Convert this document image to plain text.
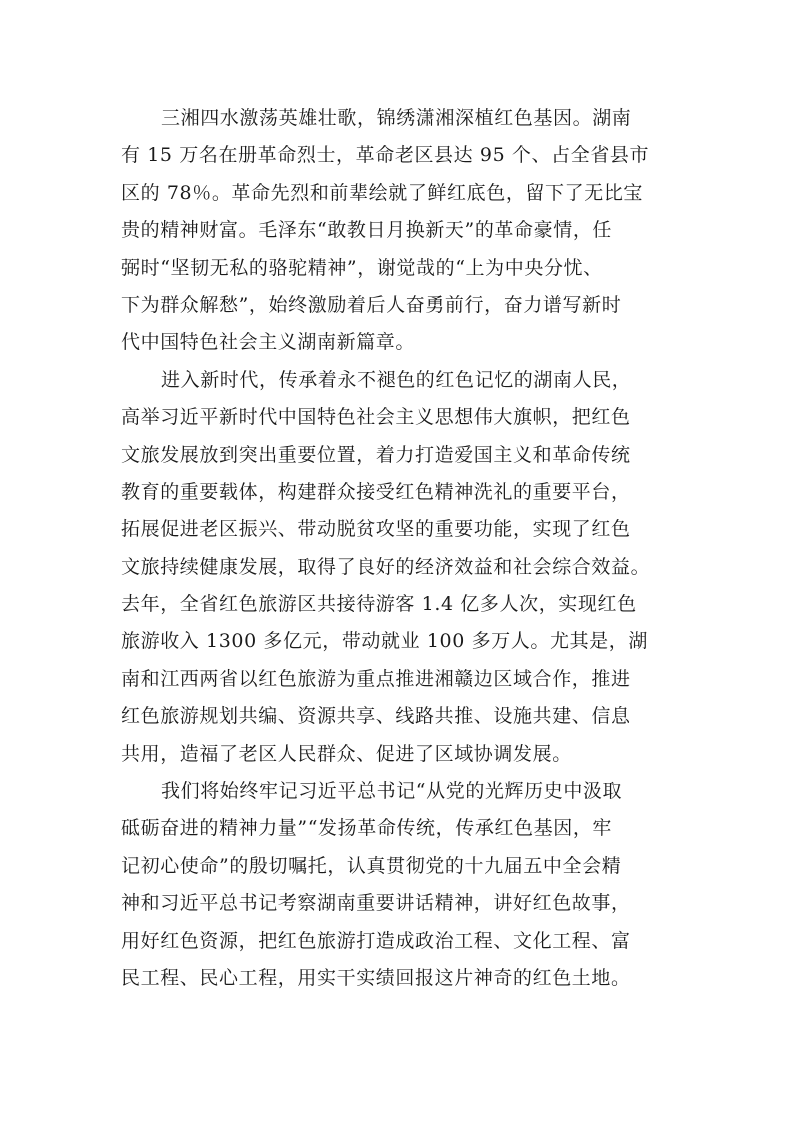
三湘四水激荡英雄壮歌，锦绣潇湘深植红色基因。湖南
有 15 万名在册革命烈士，革命老区县达 95 个、占全省县市
区的 78％。革命先烈和前辈绘就了鲜红底色，留下了无比宝
贵的精神财富。毛泽东“敢教日月换新天”的革命豪情，任
弼时“坚韧无私的骆驼精神”，谢觉哉的“上为中央分忧、
下为群众解愁”，始终激励着后人奋勇前行，奋力谱写新时
代中国特色社会主义湖南新篇章。
进入新时代，传承着永不褪色的红色记忆的湖南人民，
高举习近平新时代中国特色社会主义思想伟大旗帜，把红色
文旅发展放到突出重要位置，着力打造爱国主义和革命传统
教育的重要载体，构建群众接受红色精神洗礼的重要平台，
拓展促进老区振兴、带动脱贫攻坚的重要功能，实现了红色
文旅持续健康发展，取得了良好的经济效益和社会综合效益。
去年，全省红色旅游区共接待游客 1.4 亿多人次，实现红色
旅游收入 1300 多亿元，带动就业 100 多万人。尤其是，湖
南和江西两省以红色旅游为重点推进湘赣边区域合作，推进
红色旅游规划共编、资源共享、线路共推、设施共建、信息
共用，造福了老区人民群众、促进了区域协调发展。
我们将始终牢记习近平总书记“从党的光辉历史中汲取
砥砺奋进的精神力量”“发扬革命传统，传承红色基因，牢
记初心使命”的殷切嘱托，认真贯彻党的十九届五中全会精
神和习近平总书记考察湖南重要讲话精神，讲好红色故事，
用好红色资源，把红色旅游打造成政治工程、文化工程、富
民工程、民心工程，用实干实绩回报这片神奇的红色土地。
